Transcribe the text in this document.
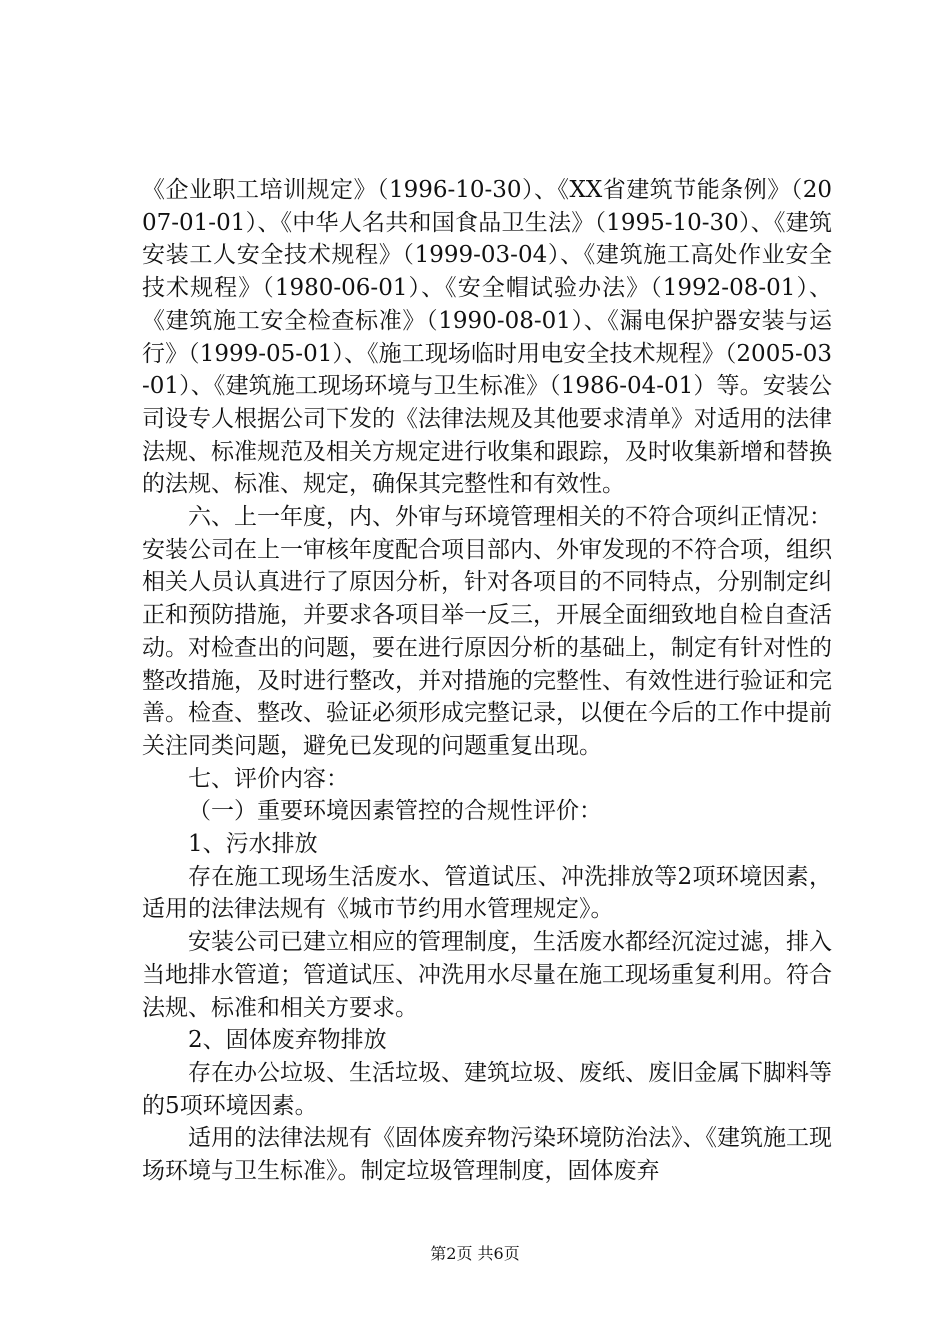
《企业职工培训规定》（1996-10-30）、《XX省建筑节能条例》（2007-01-01）、《中华人名共和国食品卫生法》（1995-10-30）、《建筑安装工人安全技术规程》（1999-03-04）、《建筑施工高处作业安全技术规程》（1980-06-01）、《安全帽试验办法》（1992-08-01）、《建筑施工安全检查标准》（1990-08-01）、《漏电保护器安装与运行》（1999-05-01）、《施工现场临时用电安全技术规程》（2005-03-01）、《建筑施工现场环境与卫生标准》（1986-04-01）等。安装公司设专人根据公司下发的《法律法规及其他要求清单》对适用的法律法规、标准规范及相关方规定进行收集和跟踪，及时收集新增和替换的法规、标准、规定，确保其完整性和有效性。

六、上一年度，内、外审与环境管理相关的不符合项纠正情况：安装公司在上一审核年度配合项目部内、外审发现的不符合项，组织相关人员认真进行了原因分析，针对各项目的不同特点，分别制定纠正和预防措施，并要求各项目举一反三，开展全面细致地自检自查活动。对检查出的问题，要在进行原因分析的基础上，制定有针对性的整改措施，及时进行整改，并对措施的完整性、有效性进行验证和完善。检查、整改、验证必须形成完整记录，以便在今后的工作中提前关注同类问题，避免已发现的问题重复出现。

七、评价内容：

（一）重要环境因素管控的合规性评价：

1、污水排放

存在施工现场生活废水、管道试压、冲洗排放等2项环境因素，适用的法律法规有《城市节约用水管理规定》。

安装公司已建立相应的管理制度，生活废水都经沉淀过滤，排入当地排水管道；管道试压、冲洗用水尽量在施工现场重复利用。符合法规、标准和相关方要求。

2、固体废弃物排放

存在办公垃圾、生活垃圾、建筑垃圾、废纸、废旧金属下脚料等的5项环境因素。

适用的法律法规有《固体废弃物污染环境防治法》、《建筑施工现场环境与卫生标准》。制定垃圾管理制度，固体废弃

第2页 共6页
